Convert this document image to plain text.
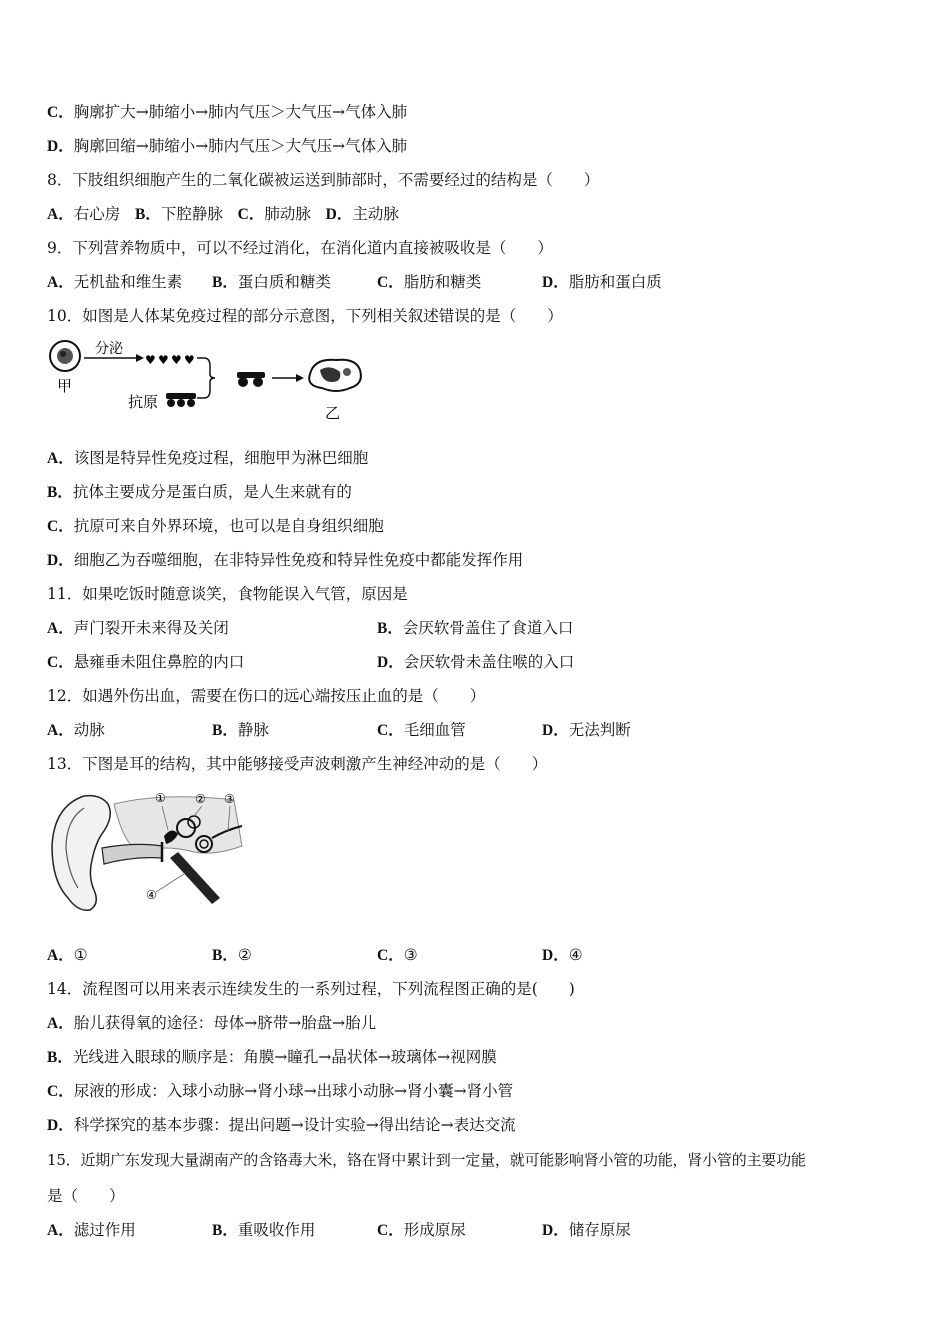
C．胸廓扩大→肺缩小→肺内气压＞大气压→气体入肺
D．胸廓回缩→肺缩小→肺内气压＞大气压→气体入肺
8．下肢组织细胞产生的二氧化碳被运送到肺部时，不需要经过的结构是（　　）
A．右心房 B．下腔静脉 C．肺动脉 D．主动脉
9．下列营养物质中，可以不经过消化，在消化道内直接被吸收是（　　）
A．无机盐和维生素 B．蛋白质和糖类	C．脂肪和糖类	D．脂肪和蛋白质
10．如图是人体某免疫过程的部分示意图，下列相关叙述错误的是（　　）
甲
分泌
♥ ♥ ♥ ♥
抗原
乙
A．该图是特异性免疫过程，细胞甲为淋巴细胞
B．抗体主要成分是蛋白质，是人生来就有的
C．抗原可来自外界环境，也可以是自身组织细胞
D．细胞乙为吞噬细胞，在非特异性免疫和特异性免疫中都能发挥作用
11．如果吃饭时随意谈笑，食物能误入气管，原因是
A．声门裂开未来得及关闭	B．会厌软骨盖住了食道入口
C．悬雍垂未阻住鼻腔的内口	D．会厌软骨未盖住喉的入口
12．如遇外伤出血，需要在伤口的远心端按压止血的是（　　）
A．动脉	B．静脉	C．毛细血管	D．无法判断
13．下图是耳的结构，其中能够接受声波刺激产生神经冲动的是（　　）
① ② ③
④
A．①	B．②	C．③	D．④
14．流程图可以用来表示连续发生的一系列过程，下列流程图正确的是(　　)
A．胎儿获得氧的途径：母体→脐带→胎盘→胎儿
B．光线进入眼球的顺序是：角膜→瞳孔→晶状体→玻璃体→视网膜
C．尿液的形成：入球小动脉→肾小球→出球小动脉→肾小囊→肾小管
D．科学探究的基本步骤：提出问题→设计实验→得出结论→表达交流
15．近期广东发现大量湖南产的含铬毒大米，铬在肾中累计到一定量，就可能影响肾小管的功能，肾小管的主要功能
是（　　）
A．滤过作用	B．重吸收作用	C．形成原尿	D．储存原尿
